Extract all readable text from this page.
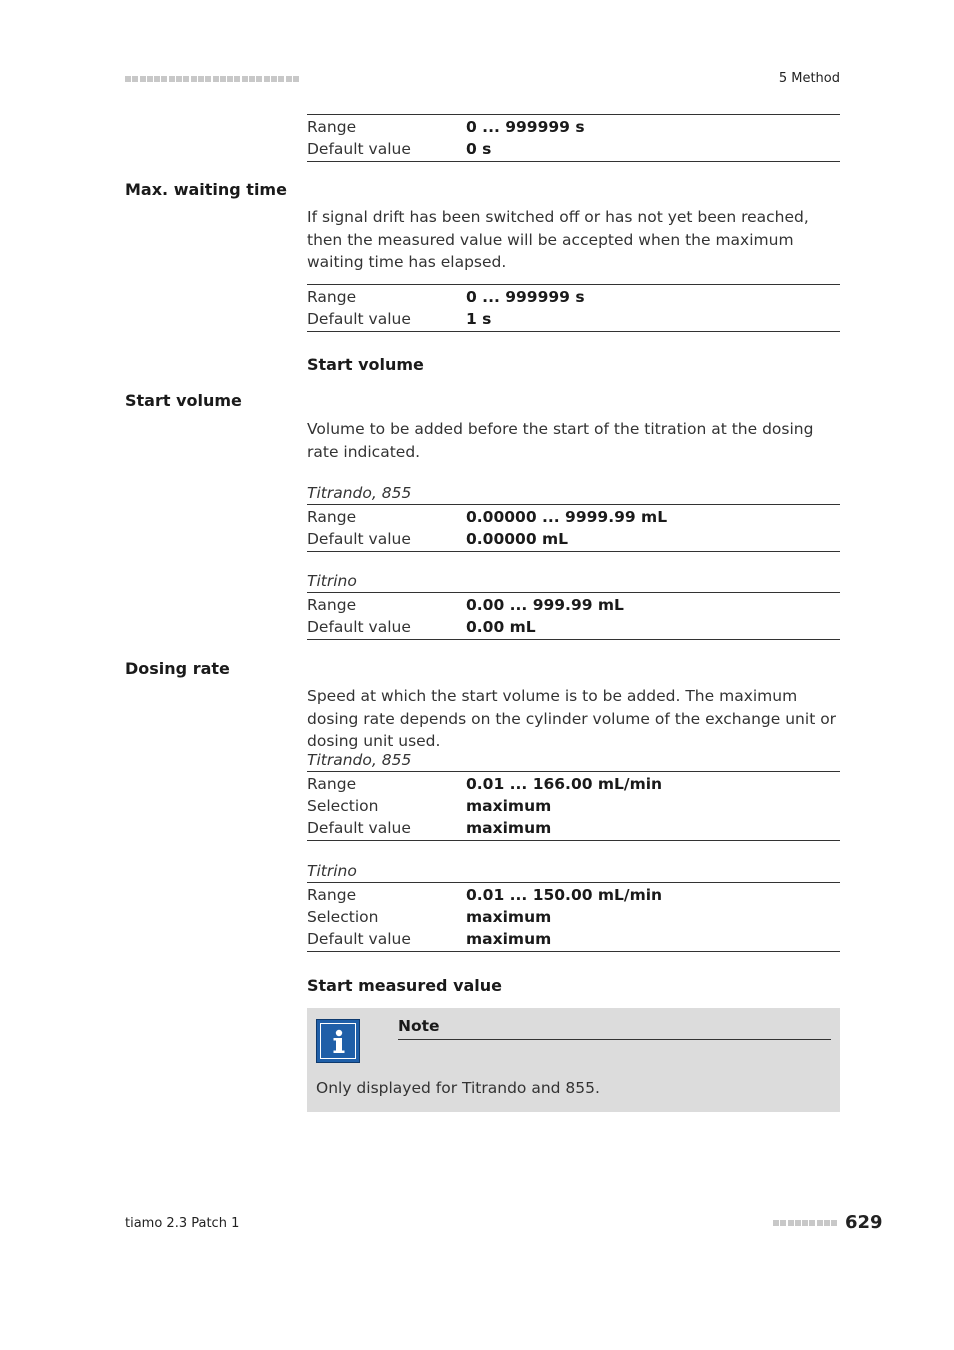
5 Method
Range	0 ... 999999 s
Default value	0 s
Max. waiting time
If signal drift has been switched off or has not yet been reached, then the measured value will be accepted when the maximum waiting time has elapsed.
Range	0 ... 999999 s
Default value	1 s
Start volume
Start volume
Volume to be added before the start of the titration at the dosing rate indicated.
Titrando, 855
Range	0.00000 ... 9999.99 mL
Default value	0.00000 mL
Titrino
Range	0.00 ... 999.99 mL
Default value	0.00 mL
Dosing rate
Speed at which the start volume is to be added. The maximum dosing rate depends on the cylinder volume of the exchange unit or dosing unit used.
Titrando, 855
Range	0.01 ... 166.00 mL/min
Selection	maximum
Default value	maximum
Titrino
Range	0.01 ... 150.00 mL/min
Selection	maximum
Default value	maximum
Start measured value
Note
Only displayed for Titrando and 855.
tiamo 2.3 Patch 1	629
